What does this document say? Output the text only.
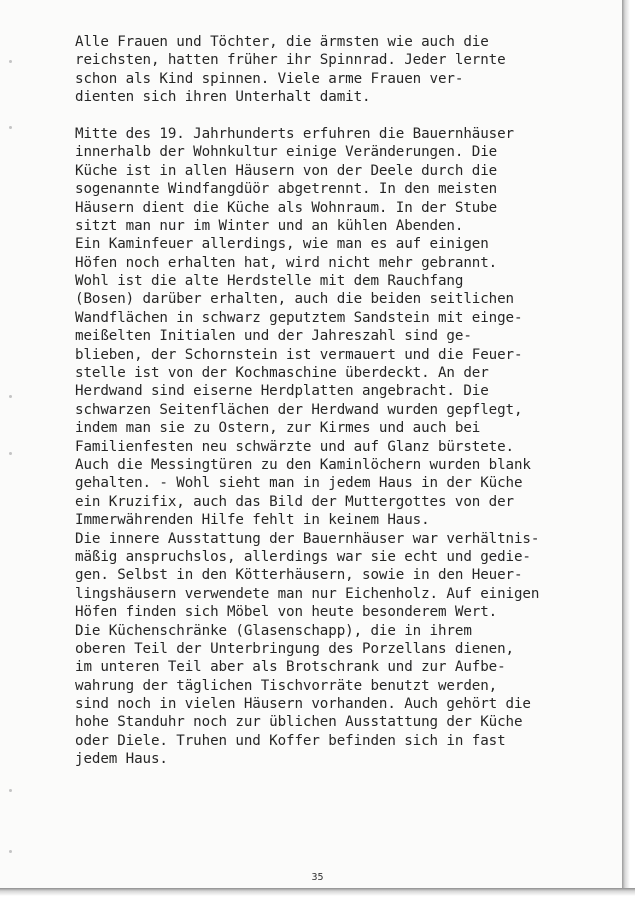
Alle Frauen und Töchter, die ärmsten wie auch die
reichsten, hatten früher ihr Spinnrad. Jeder lernte
schon als Kind spinnen. Viele arme Frauen ver-
dienten sich ihren Unterhalt damit.
Mitte des 19. Jahrhunderts erfuhren die Bauernhäuser
innerhalb der Wohnkultur einige Veränderungen. Die
Küche ist in allen Häusern von der Deele durch die
sogenannte Windfangdüör abgetrennt. In den meisten
Häusern dient die Küche als Wohnraum. In der Stube
sitzt man nur im Winter und an kühlen Abenden.
Ein Kaminfeuer allerdings, wie man es auf einigen
Höfen noch erhalten hat, wird nicht mehr gebrannt.
Wohl ist die alte Herdstelle mit dem Rauchfang
(Bosen) darüber erhalten, auch die beiden seitlichen
Wandflächen in schwarz geputztem Sandstein mit einge-
meißelten Initialen und der Jahreszahl sind ge-
blieben, der Schornstein ist vermauert und die Feuer-
stelle ist von der Kochmaschine überdeckt. An der
Herdwand sind eiserne Herdplatten angebracht. Die
schwarzen Seitenflächen der Herdwand wurden gepflegt,
indem man sie zu Ostern, zur Kirmes und auch bei
Familienfesten neu schwärzte und auf Glanz bürstete.
Auch die Messingtüren zu den Kaminlöchern wurden blank
gehalten. - Wohl sieht man in jedem Haus in der Küche
ein Kruzifix, auch das Bild der Muttergottes von der
Immerwährenden Hilfe fehlt in keinem Haus.
Die innere Ausstattung der Bauernhäuser war verhältnis-
mäßig anspruchslos, allerdings war sie echt und gedie-
gen. Selbst in den Kötterhäusern, sowie in den Heuer-
lingshäusern verwendete man nur Eichenholz. Auf einigen
Höfen finden sich Möbel von heute besonderem Wert.
Die Küchenschränke (Glasenschapp), die in ihrem
oberen Teil der Unterbringung des Porzellans dienen,
im unteren Teil aber als Brotschrank und zur Aufbe-
wahrung der täglichen Tischvorräte benutzt werden,
sind noch in vielen Häusern vorhanden. Auch gehört die
hohe Standuhr noch zur üblichen Ausstattung der Küche
oder Diele. Truhen und Koffer befinden sich in fast
jedem Haus.
35
